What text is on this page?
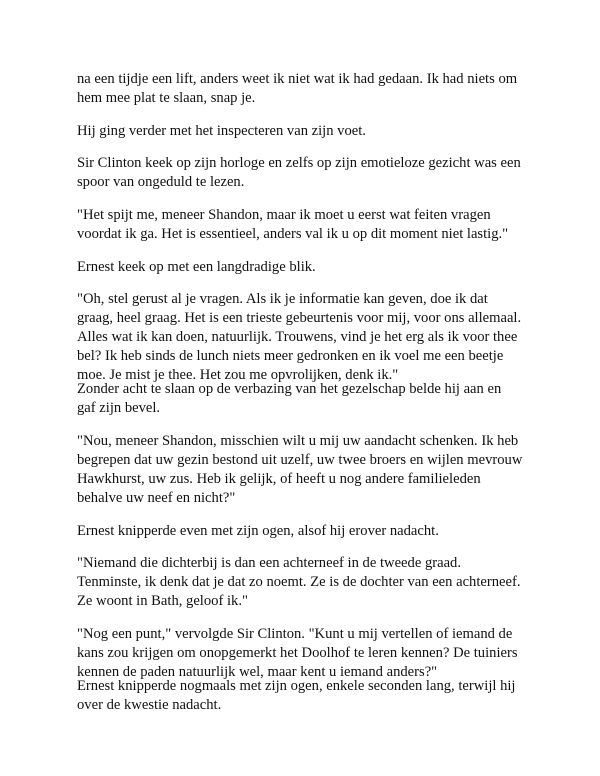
na een tijdje een lift, anders weet ik niet wat ik had gedaan. Ik had niets om
hem mee plat te slaan, snap je.

Hij ging verder met het inspecteren van zijn voet.

Sir Clinton keek op zijn horloge en zelfs op zijn emotieloze gezicht was een
spoor van ongeduld te lezen.

"Het spijt me, meneer Shandon, maar ik moet u eerst wat feiten vragen
voordat ik ga. Het is essentieel, anders val ik u op dit moment niet lastig."

Ernest keek op met een langdradige blik.

"Oh, stel gerust al je vragen. Als ik je informatie kan geven, doe ik dat
graag, heel graag. Het is een trieste gebeurtenis voor mij, voor ons allemaal.
Alles wat ik kan doen, natuurlijk. Trouwens, vind je het erg als ik voor thee
bel? Ik heb sinds de lunch niets meer gedronken en ik voel me een beetje
moe. Je mist je thee. Het zou me opvrolijken, denk ik."

Zonder acht te slaan op de verbazing van het gezelschap belde hij aan en
gaf zijn bevel.

"Nou, meneer Shandon, misschien wilt u mij uw aandacht schenken. Ik heb
begrepen dat uw gezin bestond uit uzelf, uw twee broers en wijlen mevrouw
Hawkhurst, uw zus. Heb ik gelijk, of heeft u nog andere familieleden
behalve uw neef en nicht?"

Ernest knipperde even met zijn ogen, alsof hij erover nadacht.

"Niemand die dichterbij is dan een achterneef in de tweede graad.
Tenminste, ik denk dat je dat zo noemt. Ze is de dochter van een achterneef.
Ze woont in Bath, geloof ik."

"Nog een punt," vervolgde Sir Clinton. "Kunt u mij vertellen of iemand de
kans zou krijgen om onopgemerkt het Doolhof te leren kennen? De tuiniers
kennen de paden natuurlijk wel, maar kent u iemand anders?"

Ernest knipperde nogmaals met zijn ogen, enkele seconden lang, terwijl hij
over de kwestie nadacht.
